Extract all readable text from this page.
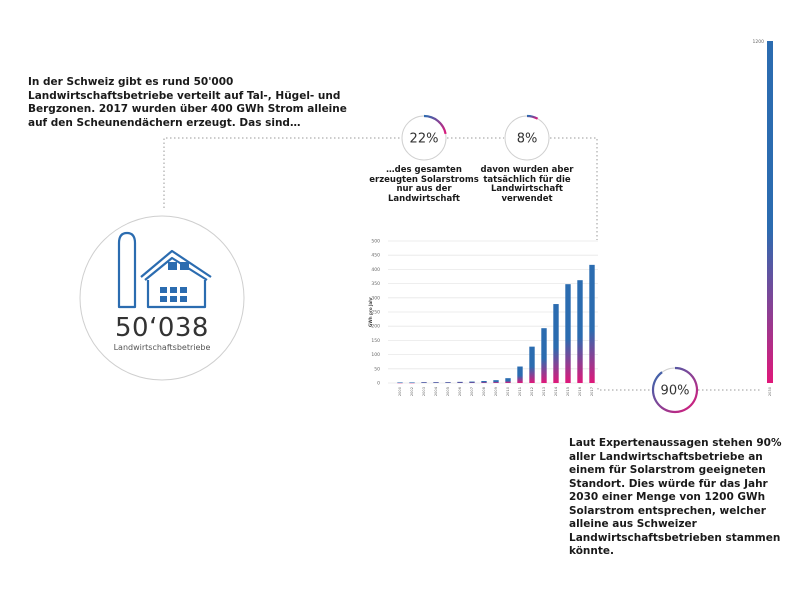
22%	8%
90%
0
50
100
150
200
250
300
350
400
450
500
GWh pro Jahr
2000 2002 2003 2004 2005 2006 2007 2008 2009 2010 2011 2012 2013 2014 2015 2016 2017
1200
2030
In der Schweiz gibt es rund 50'000 Landwirtschaftsbetriebe verteilt auf Tal-, Hügel- und Bergzonen. 2017 wurden über 400 GWh Strom alleine auf den Scheunendächern erzeugt. Das sind…
50‘038
Landwirtschaftsbetriebe
…des gesamten
erzeugten Solarstroms
nur aus der
Landwirtschaft
davon wurden aber
tatsächlich für die
Landwirtschaft
verwendet
Laut Expertenaussagen stehen 90% aller Landwirtschaftsbetriebe an einem für Solarstrom geeigneten Standort. Dies würde für das Jahr 2030 einer Menge von 1200 GWh Solarstrom entsprechen, welcher alleine aus Schweizer Landwirtschaftsbetrieben stammen könnte.
